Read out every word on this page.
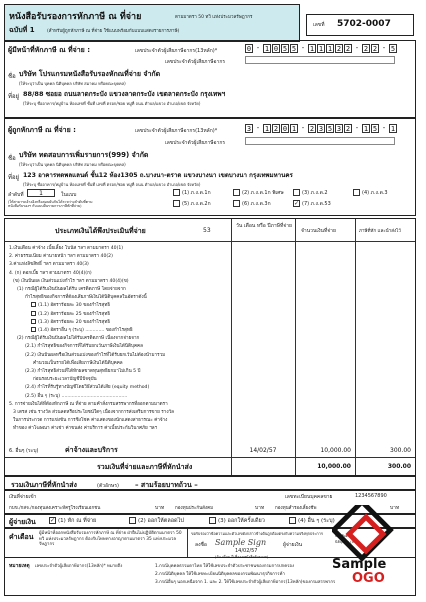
หนังสือรับรองการหักภาษี ณ ที่จ่าย	ตามมาตรา 50 ทวิ แห่งประมวลรัษฎากร
ฉบับที่ 1	(สำหรับผู้ถูกหักภาษี ณ ที่จ่าย ใช้แนบพร้อมกับแบบแสดงรายการภาษี)
เลขที่ 5702-0007
ผู้มีหน้าที่หักภาษี ณ ที่จ่าย :	เลขประจำตัวผู้เสียภาษีอากร(13หลัก)*	0 - 1 0 5 5 - 1 1 1 2 2 - 2 2 - 5
เลขประจำตัวผู้เสียภาษีอากร
ชื่อ บริษัท โปรแกรมหนังสือรับรองหักณที่จ่าย จำกัด
(ให้ระบุว่าเป็น บุคคล นิติบุคคล บริษัท สมาคม หรือคณะบุคคล)
ที่อยู่ 88/88 ซอยอ ถนนลาดกระบัง แขวงลาดกระบัง เขตลาดกระบัง กรุงเทพฯ
(ให้ระบุ ชื่ออาคาร/หมู่บ้าน ห้องเลขที่ ชั้นที่ เลขที่ ตรอก/ซอย หมู่ที่ ถนน ตำบล/แขวง อำเภอ/เขต จังหวัด)
ผู้ถูกหักภาษี ณ ที่จ่าย :	เลขประจำตัวผู้เสียภาษีอากร(13หลัก)*	3 - 1 2 0 1 - 2 3 5 3 2 - 1 5 - 1
เลขประจำตัวผู้เสียภาษีอากร
ชื่อ บริษัท ทดสอบการเพิ่มรายการ(999) จำกัด
(ให้ระบุว่าเป็น บุคคล นิติบุคคล บริษัท สมาคม หรือคณะบุคคล)
ที่อยู่ 123 อาคารทดพลแลนด์ ชั้น12 ห้อง1305 ถ.บางนา-ตราด แขวงบางนา เขตบางนา กรุงเทพมหานคร
(ให้ระบุ ชื่ออาคาร/หมู่บ้าน ห้องเลขที่ ชั้นที่ เลขที่ ตรอก/ซอย หมู่ที่ ถนน ตำบล/แขวง อำเภอ/เขต จังหวัด)
ลำดับที่	1	ในแบบ
(ให้สามารถอ้างอิงหรือสอบยันกันได้ระหว่างลำดับที่ตามหนังสือรับรองฯ กับแบบยื่นรายการภาษีหักที่จ่าย)
(1) ภ.ง.ด.1ก	(2) ภ.ง.ด.1ก พิเศษ	(3) ภ.ง.ด.2	(4) ภ.ง.ด.3
(5) ภ.ง.ด.2ก	(6) ภ.ง.ด.3ก	✓ (7) ภ.ง.ด.53
ประเภทเงินได้พึงประเมินที่จ่าย	53
วัน เดือน หรือ ปีภาษีที่จ่าย
จำนวนเงินที่จ่าย	ภาษีที่หัก และนำส่งไว้
1.เงินเดือน ค่าจ้าง เบี้ยเลี้ยง โบนัส ฯลฯ ตามมาตรา 40(1)
2. ค่าธรรมเนียม ค่านายหน้า ฯลฯ ตามมาตรา 40(2)
3.ค่าแห่งลิขสิทธิ์ ฯลฯ ตามมาตรา 40(3)
4. (ก) ดอกเบี้ย ฯลฯ ตามมาตรา 40(4)(ก)
(ข) เงินปันผล เงินส่วนแบ่งกำไร ฯลฯ ตามมาตรา 40(4)(ข)
(1) กรณีผู้ได้รับเงินปันผลได้รับ เครดิตภาษี โดยจ่ายจาก
กำไรสุทธิของกิจการที่ต้องเสียภาษีเงินได้นิติบุคคลในอัตราดังนี้
(1.1) อัตราร้อยละ 30 ของกำไรสุทธิ
(1.2) อัตราร้อยละ 25 ของกำไรสุทธิ
(1.3) อัตราร้อยละ 20 ของกำไรสุทธิ
(1.4) อัตราอื่น ๆ (ระบุ) ............. ของกำไรสุทธิ
(2) กรณีผู้ได้รับเงินปันผลไม่ได้รับเครดิตภาษี เนื่องจากจ่ายจาก
(2.1) กำไรสุทธิของกิจการที่ได้รับยกเว้นภาษีเงินได้นิติบุคคล
(2.2) เงินปันผลหรือเงินส่วนแบ่งของกำไรที่ได้รับยกเว้นไม่ต้องนำมารวม
คำนวณเป็นรายได้เพื่อเสียภาษีเงินได้นิติบุคคล
(2.3) กำไรสุทธิส่วนที่ได้หักผลขาดทุนสุทธิยกมาไม่เกิน 5 ปี
ก่อนรอบระยะเวลาบัญชีปีปัจจุบัน
(2.4) กำไรที่รับรู้ทางบัญชีโดยวิธีส่วนได้เสีย (equity method)
(2.5) อื่น ๆ (ระบุ) .............................................
5. การจ่ายเงินได้ที่ต้องหักภาษี ณ ที่จ่าย ตามคำสั่งกรมสรรพากรที่ออกตามมาตรา
3 เตรส เช่น รางวัล ส่วนลดหรือประโยชน์ใดๆ เนื่องจากการส่งเสริมการขาย รางวัล
ในการประกวด การแข่งขัน การชิงโชค ค่าแสดงของนักแสดงสาธารณะ ค่าจ้าง
ทำของ ค่าโฆษณา ค่าเช่า ค่าขนส่ง ค่าบริการ ค่าเบี้ยประกันวินาศภัย ฯลฯ
6. อื่นๆ (ระบุ)	ค่าจ้างและบริการ	14/02/57	10,000.00	300.00
รวมเงินที่จ่ายและภาษีที่หักนำส่ง	10,000.00	300.00
รวมเงินภาษีที่หักนำส่ง	(ตัวอักษร) – สามร้อยบาทถ้วน –
เงินที่จ่ายเข้า	เลขทะเบียนบุคคลขาย	1234567890
กบข./กสจ./กองทุนสงเคราะห์ครูโรงเรียนเอกชน	บาท กองทุนประกันสังคม	บาท กองทุนสำรองเลี้ยงชีพ	บาท
ผู้จ่ายเงิน ✓ (1) หัก ณ ที่จ่าย	(2) ออกให้ตลอดไป	(3) ออกให้ครั้งเดียว	(4) อื่น ๆ (ระบุ)
คำเตือน ผู้มีหน้าที่ออกหนังสือรับรองการหักภาษี ณ ที่จ่าย ฝ่าฝืนไม่ปฏิบัติตามมาตรา 50 ทวิ แห่งประมวลรัษฎากร ต้องรับโทษทางอาญาตามมาตรา 35 แห่งประมวลรัษฎากร
ขอรับรองว่าข้อความและตัวเลขดังกล่าวข้างต้นถูกต้องตรงกับความจริงทุกประการ
ลงชื่อ Sample Sign	ผู้จ่ายเงิน
14/02/57
(วัน เดือน ปี ที่ออกหนังสือรับรองฯ)
ประทับตรา นิติบุคคล (ถ้ามี)
หมายเหตุ เลขประจำตัวผู้เสียภาษีอากร(13หลัก)* หมายถึง	1.กรณีบุคคลธรรมดาไทย ให้ใช้เลขประจำตัวประชาชนของกรมการปกครอง
2.กรณีนิติบุคคล ให้ใช้เลขทะเบียนนิติบุคคลของกรมพัฒนาธุรกิจการค้า
3.กรณีอื่นๆ นอกเหนือจาก 1. และ 2. ให้ใช้เลขประจำตัวผู้เสียภาษีอากร(13หลัก)ของกรมสรรพากร
Sample
OGO
